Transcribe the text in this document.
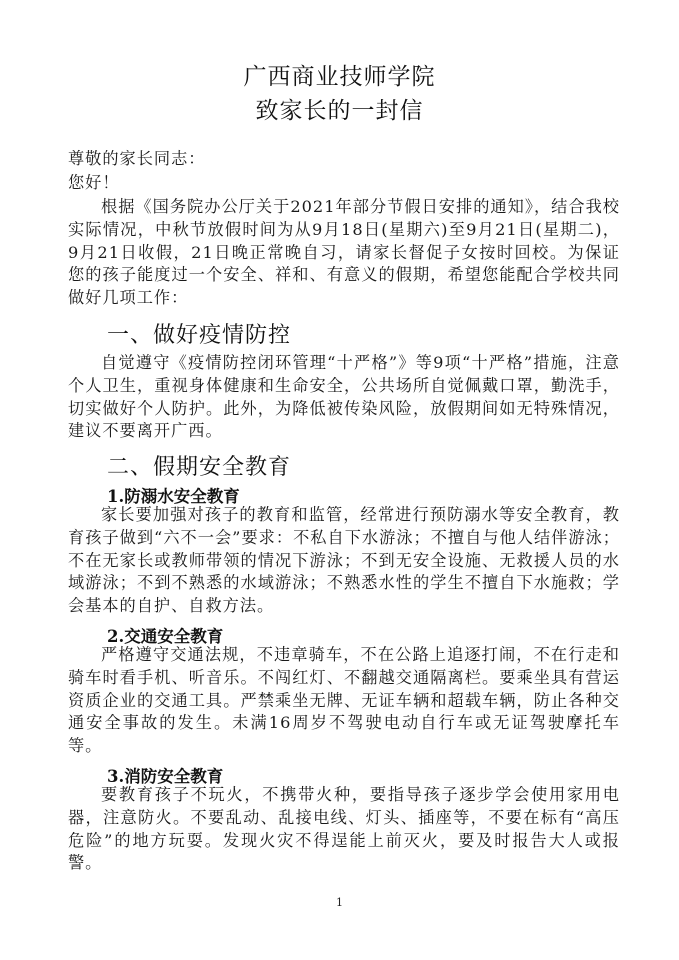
广西商业技师学院
致家长的一封信

尊敬的家长同志：

您好！

根据《国务院办公厅关于2021年部分节假日安排的通知》，结合我校实际情况，中秋节放假时间为从9月18日(星期六)至9月21日(星期二)，9月21日收假，21日晚正常晚自习，请家长督促子女按时回校。为保证您的孩子能度过一个安全、祥和、有意义的假期，希望您能配合学校共同做好几项工作：

一、做好疫情防控

自觉遵守《疫情防控闭环管理“十严格”》等9项“十严格”措施，注意个人卫生，重视身体健康和生命安全，公共场所自觉佩戴口罩，勤洗手，切实做好个人防护。此外，为降低被传染风险，放假期间如无特殊情况，建议不要离开广西。

二、假期安全教育
1.防溺水安全教育

家长要加强对孩子的教育和监管，经常进行预防溺水等安全教育，教育孩子做到“六不一会”要求：不私自下水游泳；不擅自与他人结伴游泳；不在无家长或教师带领的情况下游泳；不到无安全设施、无救援人员的水域游泳；不到不熟悉的水域游泳；不熟悉水性的学生不擅自下水施救；学会基本的自护、自救方法。

2.交通安全教育

严格遵守交通法规，不违章骑车，不在公路上追逐打闹，不在行走和骑车时看手机、听音乐。不闯红灯、不翻越交通隔离栏。要乘坐具有营运资质企业的交通工具。严禁乘坐无牌、无证车辆和超载车辆，防止各种交通安全事故的发生。未满16周岁不驾驶电动自行车或无证驾驶摩托车等。

3.消防安全教育

要教育孩子不玩火，不携带火种，要指导孩子逐步学会使用家用电器，注意防火。不要乱动、乱接电线、灯头、插座等，不要在标有“高压危险”的地方玩耍。发现火灾不得逞能上前灭火，要及时报告大人或报警。

1
